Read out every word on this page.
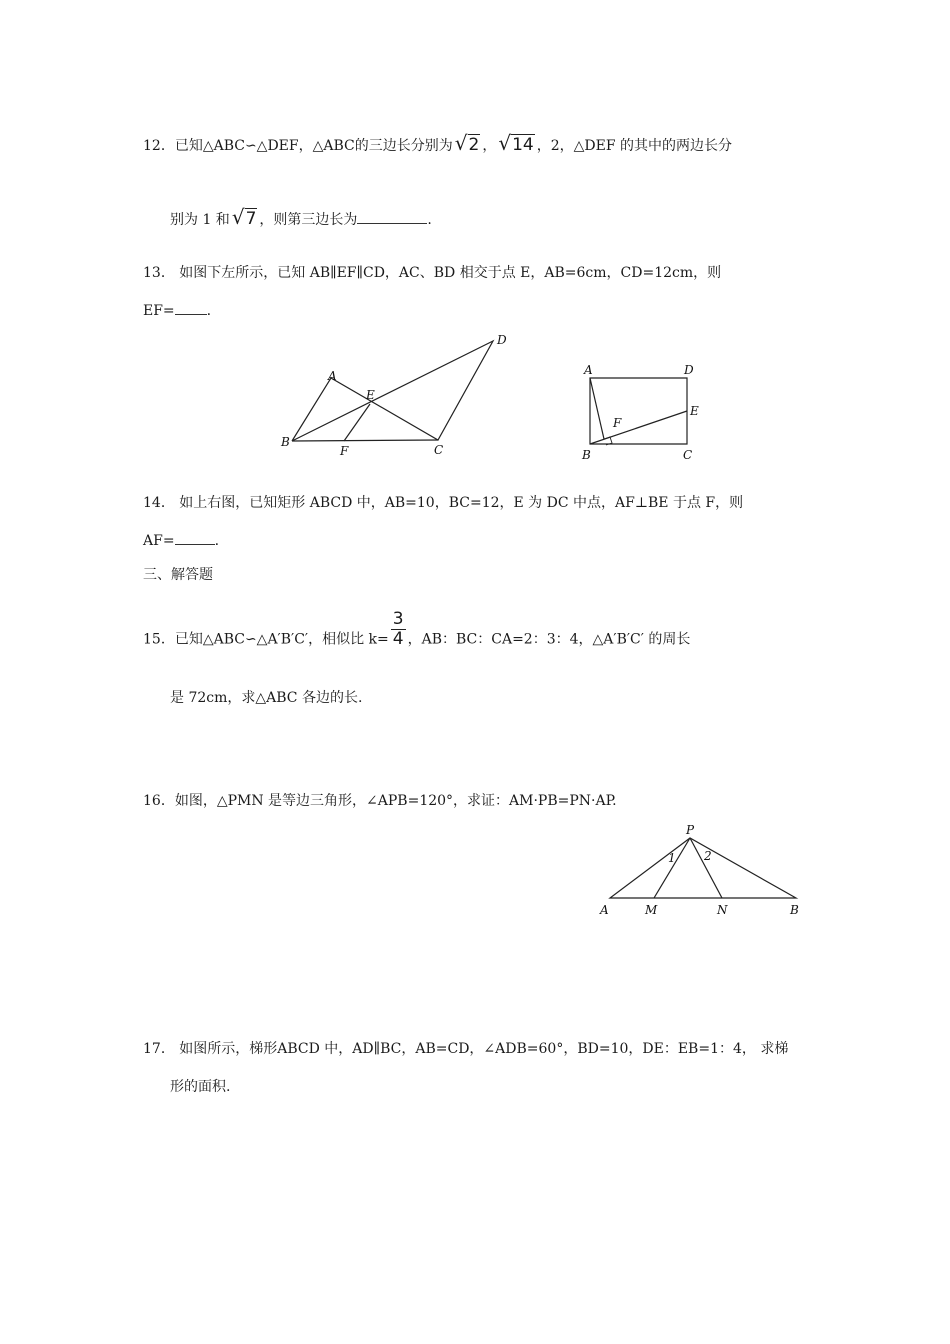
12．已知△ABC∽△DEF，△ABC的三边长分别为 √2 ， √14 ，2，△DEF 的其中的两边长分
别为 1 和 √7 ，则第三边长为	.
13． 如图下左所示，已知 AB∥EF∥CD，AC、BD 相交于点 E，AB=6cm，CD=12cm，则
EF= .
A
B
C
D
E
F
A	D
E
F
B	C
14． 如上右图，已知矩形 ABCD 中，AB=10，BC=12，E 为 DC 中点，AF⊥BE 于点 F，则
AF=	.
三、解答题
15．已知△ABC∽△A′B′C′，相似比 $k= \frac{3}{4}$ ，AB：BC：CA=2：3：4，△A′B′C′ 的周长
是 72cm，求△ABC 各边的长.
16．如图，△PMN 是等边三角形，∠APB=120°，求证：AM·PB=PN·AP.
P
A	M	N	B
1 2
17． 如图所示，梯形ABCD 中，AD∥BC，AB=CD，∠ADB=60°，BD=10，DE：EB=1：4， 求梯
形的面积.
